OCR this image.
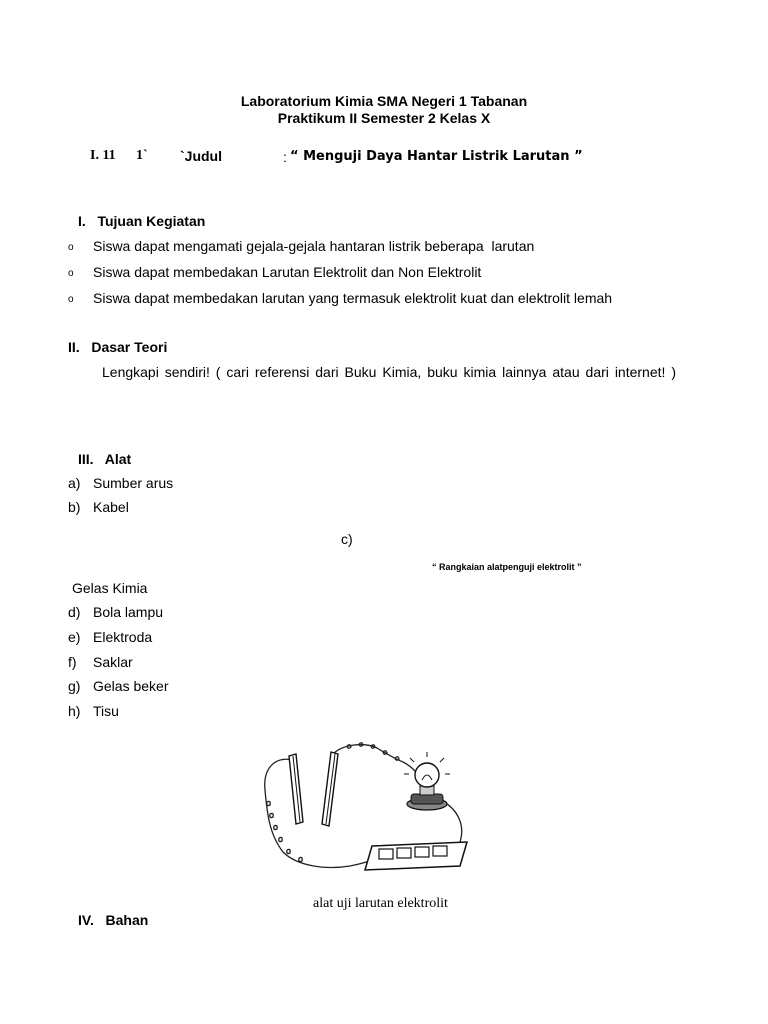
Laboratorium Kimia SMA Negeri 1 Tabanan
Praktikum II Semester 2 Kelas X
I. 11 1` `Judul	: “ Menguji Daya Hantar Listrik Larutan ”
I.   Tujuan Kegiatan
o Siswa dapat mengamati gejala-gejala hantaran listrik beberapa  larutan
o Siswa dapat membedakan Larutan Elektrolit dan Non Elektrolit
o Siswa dapat membedakan larutan yang termasuk elektrolit kuat dan elektrolit lemah
II.   Dasar Teori
Lengkapi sendiri! ( cari referensi dari Buku Kimia, buku kimia lainnya atau dari internet! )
III.   Alat
a) Sumber arus
b) Kabel
c)
“ Rangkaian alatpenguji elektrolit ”
Gelas Kimia
d) Bola lampu
e) Elektroda
f) Saklar
g) Gelas beker
h) Tisu
alat uji larutan elektrolit
IV.   Bahan
